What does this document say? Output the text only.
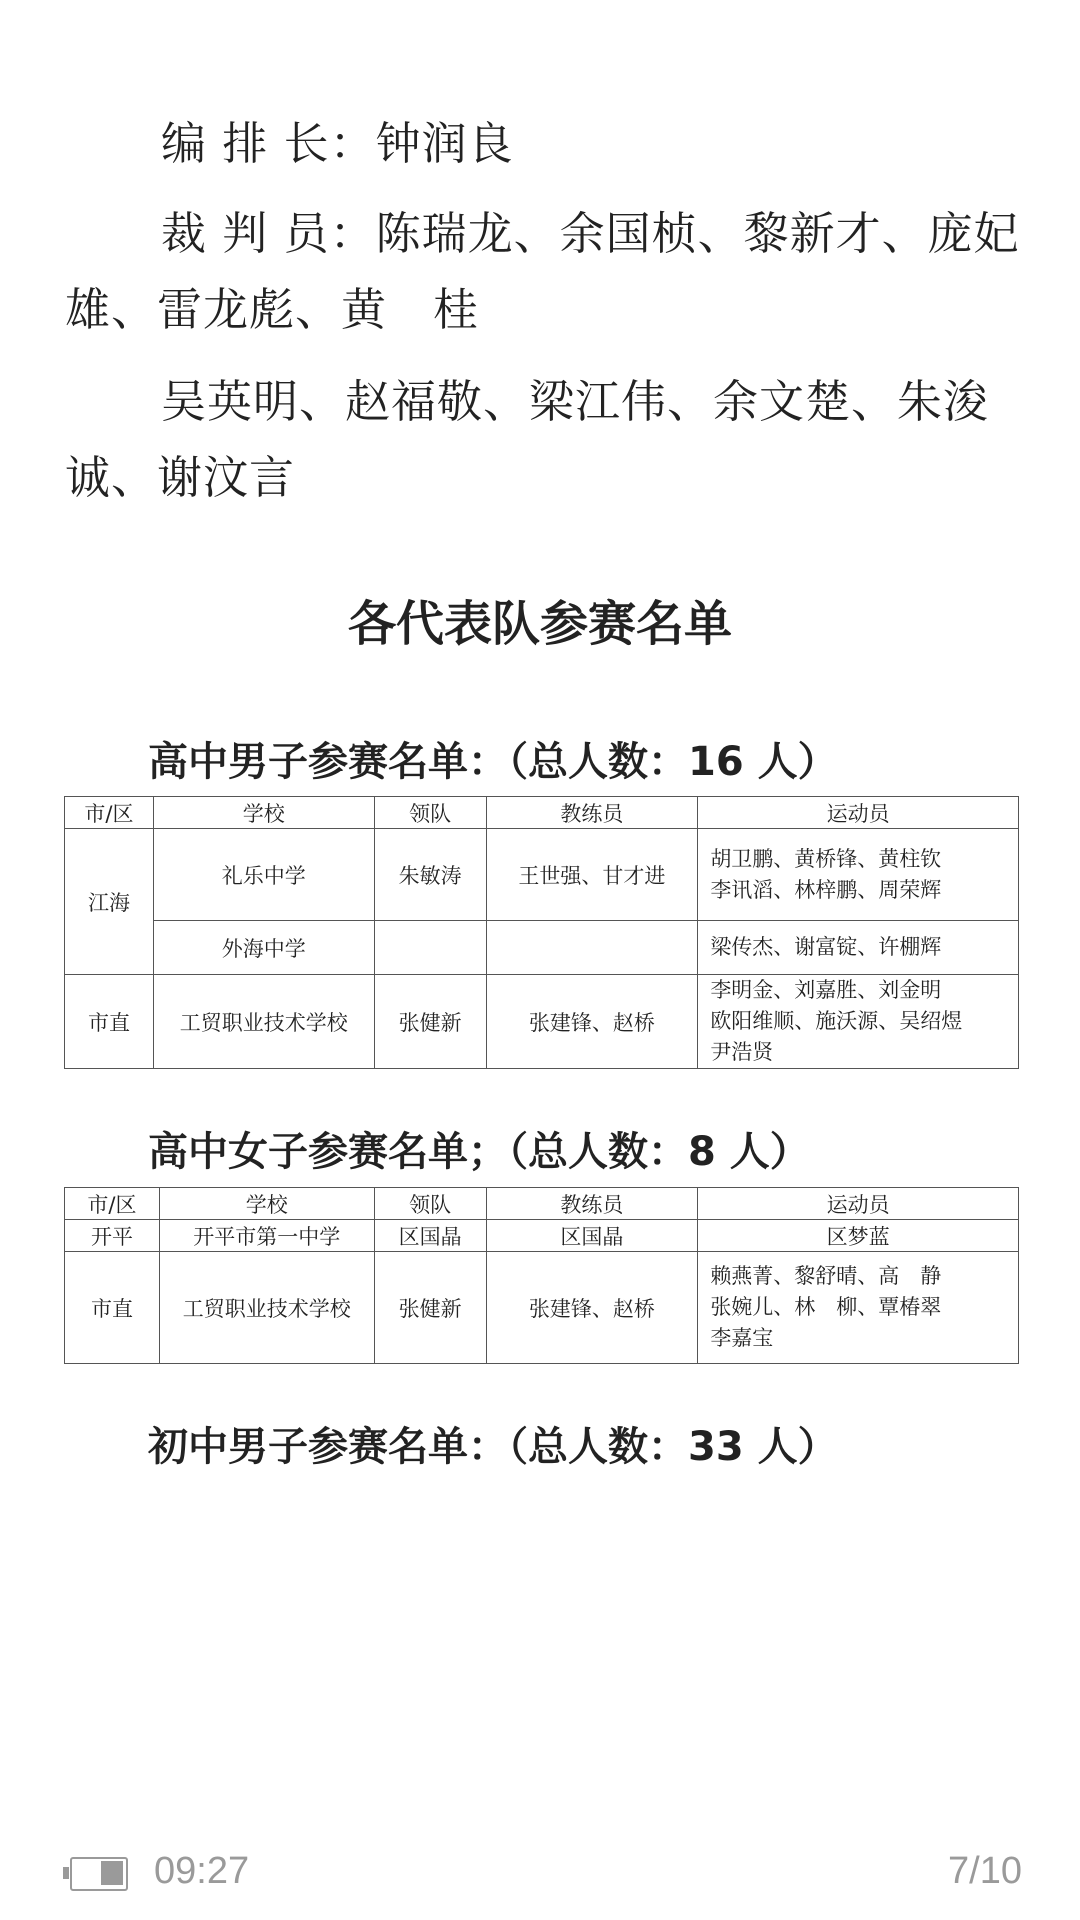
编 排 长：钟润良
裁 判 员：陈瑞龙、余国桢、黎新才、庞妃雄、雷龙彪、黄　桂
吴英明、赵福敬、梁江伟、余文楚、朱浚诚、谢汶言
各代表队参赛名单
高中男子参赛名单：（总人数：16 人）
市/区	学校	领队	教练员	运动员
江海	礼乐中学	朱敏涛	王世强、甘才进	胡卫鹏、黄桥锋、黄柱钦
李讯滔、林梓鹏、周荣辉

	外海中学			梁传杰、谢富锭、许棚辉

市直	工贸职业技术学校	张健新	张建锋、赵桥	李明金、刘嘉胜、刘金明
欧阳维顺、施沃源、吴绍煜
尹浩贤
高中女子参赛名单；（总人数：8 人）
市/区	学校	领队	教练员	运动员
开平	开平市第一中学	区国晶	区国晶	区梦蓝
市直	工贸职业技术学校	张健新	张建锋、赵桥	赖燕菁、黎舒晴、高　静
张婉儿、林　柳、覃椿翠
李嘉宝
初中男子参赛名单：（总人数：33 人）
09:27	7/10
